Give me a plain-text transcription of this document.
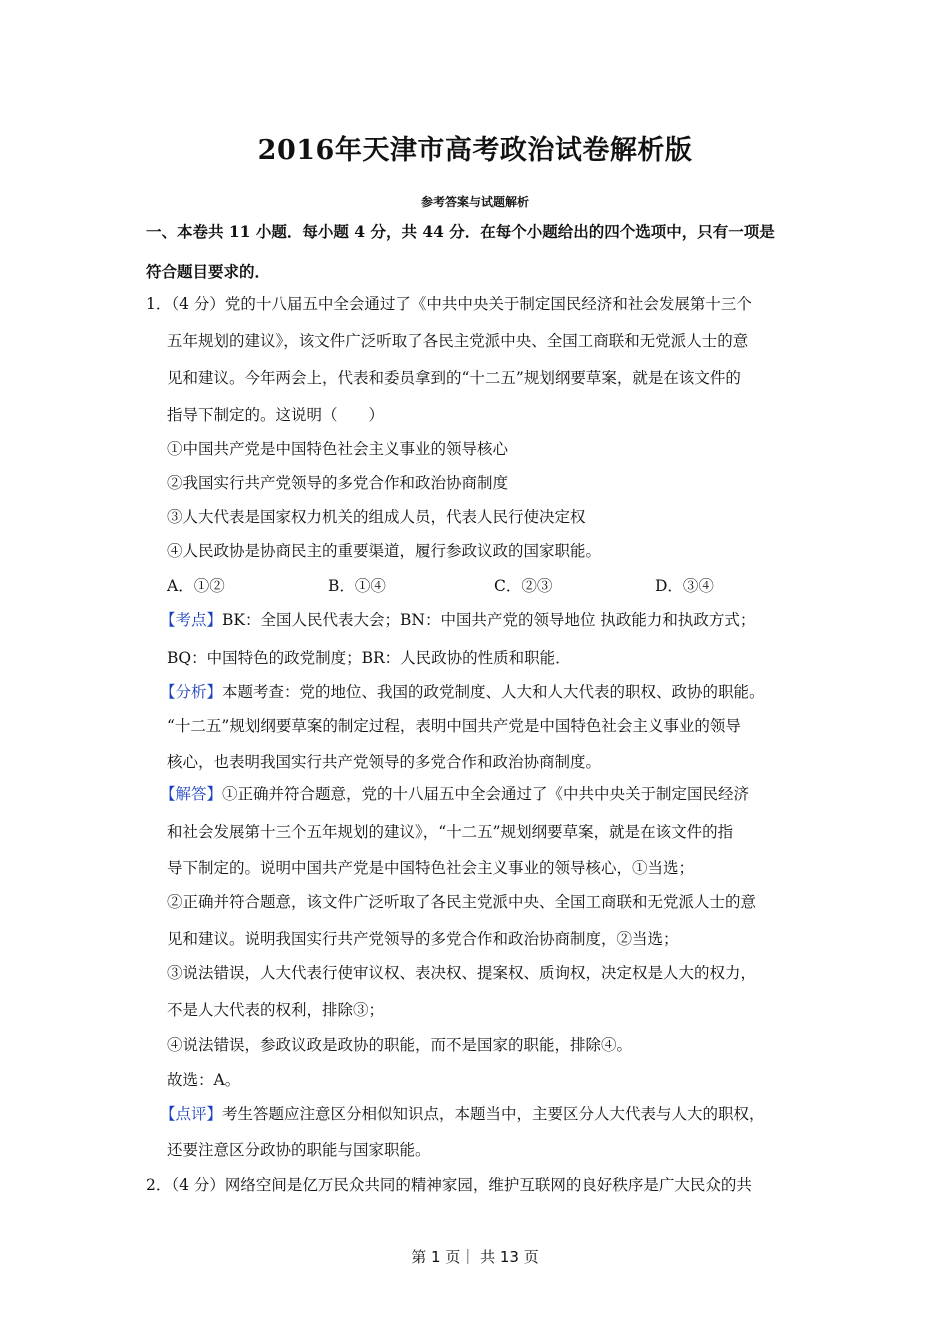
2016年天津市高考政治试卷解析版
参考答案与试题解析
一、本卷共 11 小题．每小题 4 分，共 44 分．在每个小题给出的四个选项中，只有一项是
符合题目要求的．
1．（4 分）党的十八届五中全会通过了《中共中央关于制定国民经济和社会发展第十三个
五年规划的建议》，该文件广泛听取了各民主党派中央、全国工商联和无党派人士的意
见和建议。今年两会上，代表和委员拿到的“十二五”规划纲要草案，就是在该文件的
指导下制定的。这说明（　　）
①中国共产党是中国特色社会主义事业的领导核心
②我国实行共产党领导的多党合作和政治协商制度
③人大代表是国家权力机关的组成人员，代表人民行使决定权
④人民政协是协商民主的重要渠道，履行参政议政的国家职能。
A．①②	B．①④	C．②③	D．③④
【考点】BK：全国人民代表大会；BN：中国共产党的领导地位 执政能力和执政方式；
BQ：中国特色的政党制度；BR：人民政协的性质和职能．
【分析】本题考查：党的地位、我国的政党制度、人大和人大代表的职权、政协的职能。
“十二五”规划纲要草案的制定过程，表明中国共产党是中国特色社会主义事业的领导
核心，也表明我国实行共产党领导的多党合作和政治协商制度。
【解答】①正确并符合题意，党的十八届五中全会通过了《中共中央关于制定国民经济
和社会发展第十三个五年规划的建议》，“十二五”规划纲要草案，就是在该文件的指
导下制定的。说明中国共产党是中国特色社会主义事业的领导核心，①当选；
②正确并符合题意，该文件广泛听取了各民主党派中央、全国工商联和无党派人士的意
见和建议。说明我国实行共产党领导的多党合作和政治协商制度，②当选；
③说法错误，人大代表行使审议权、表决权、提案权、质询权，决定权是人大的权力，
不是人大代表的权利，排除③；
④说法错误，参政议政是政协的职能，而不是国家的职能，排除④。
故选：A。
【点评】考生答题应注意区分相似知识点，本题当中，主要区分人大代表与人大的职权，
还要注意区分政协的职能与国家职能。
2．（4 分）网络空间是亿万民众共同的精神家园，维护互联网的良好秩序是广大民众的共
第 1 页｜ 共 13 页
